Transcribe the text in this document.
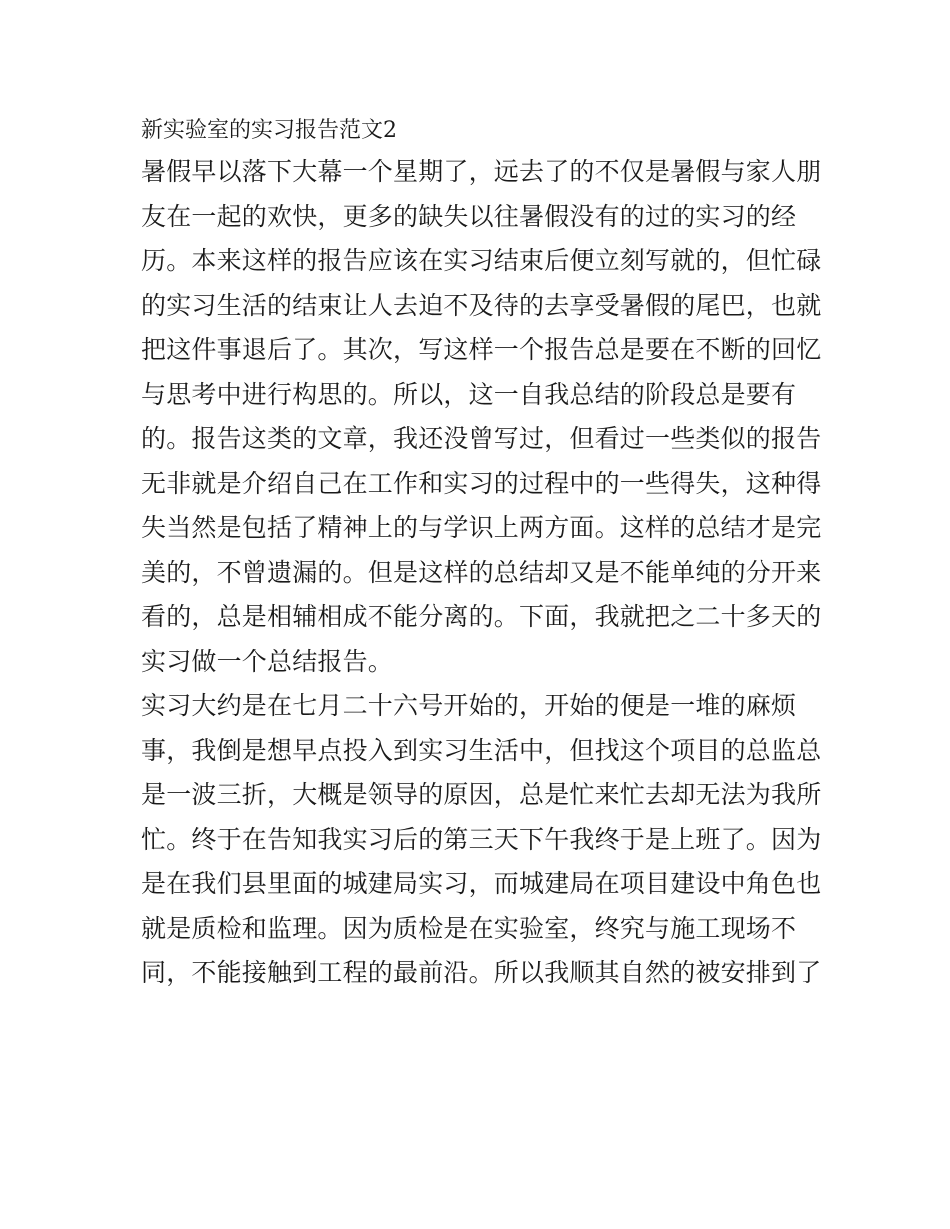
新实验室的实习报告范文2

暑假早以落下大幕一个星期了，远去了的不仅是暑假与家人朋

友在一起的欢快，更多的缺失以往暑假没有的过的实习的经

历。本来这样的报告应该在实习结束后便立刻写就的，但忙碌

的实习生活的结束让人去迫不及待的去享受暑假的尾巴，也就

把这件事退后了。其次，写这样一个报告总是要在不断的回忆

与思考中进行构思的。所以，这一自我总结的阶段总是要有

的。报告这类的文章，我还没曾写过，但看过一些类似的报告

无非就是介绍自己在工作和实习的过程中的一些得失，这种得

失当然是包括了精神上的与学识上两方面。这样的总结才是完

美的，不曾遗漏的。但是这样的总结却又是不能单纯的分开来

看的，总是相辅相成不能分离的。下面，我就把之二十多天的

实习做一个总结报告。

实习大约是在七月二十六号开始的，开始的便是一堆的麻烦

事，我倒是想早点投入到实习生活中，但找这个项目的总监总

是一波三折，大概是领导的原因，总是忙来忙去却无法为我所

忙。终于在告知我实习后的第三天下午我终于是上班了。因为

是在我们县里面的城建局实习，而城建局在项目建设中角色也

就是质检和监理。因为质检是在实验室，终究与施工现场不

同，不能接触到工程的最前沿。所以我顺其自然的被安排到了
